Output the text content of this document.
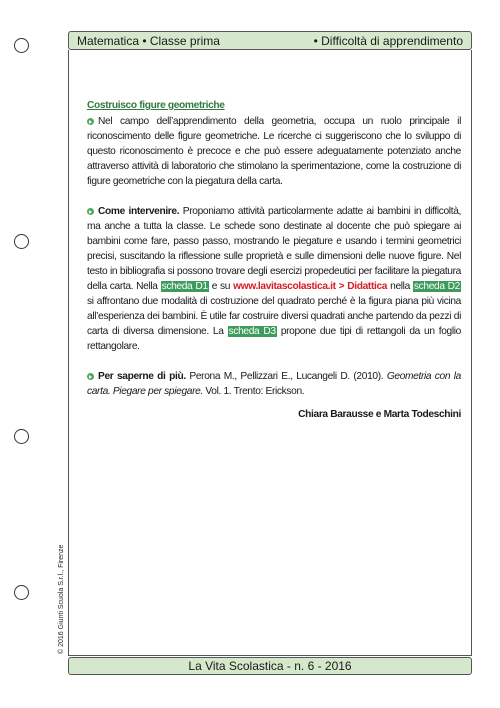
Matematica • Classe prima	• Difficoltà di apprendimento
Costruisco figure geometriche

Nel campo dell’apprendimento della geometria, occupa un ruolo principale il riconoscimento delle figure geometriche. Le ricerche ci suggeriscono che lo sviluppo di questo riconoscimento è precoce e che può essere adeguatamente potenziato anche attraverso attività di laboratorio che stimolano la sperimentazione, come la costruzione di figure geometriche con la piegatura della carta.

Come intervenire. Proponiamo attività particolarmente adatte ai bambini in difficoltà, ma anche a tutta la classe. Le schede sono destinate al docente che può spiegare ai bambini come fare, passo passo, mostrando le piegature e usando i termini geometrici precisi, suscitando la riflessione sulle proprietà e sulle dimensioni delle nuove figure. Nel testo in bibliografia si possono trovare degli esercizi propedeutici per facilitare la piegatura della carta. Nella scheda D1 e su www.lavitascolastica.it > Didattica nella scheda D2 si affrontano due modalità di costruzione del quadrato perché è la figura piana più vicina all’esperienza dei bambini. È utile far costruire diversi quadrati anche partendo da pezzi di carta di diversa dimensione. La scheda D3 propone due tipi di rettangoli da un foglio rettangolare.

Per saperne di più. Perona M., Pellizzari E., Lucangeli D. (2010). Geometria con la carta. Piegare per spiegare. Vol. 1. Trento: Erickson.

Chiara Barausse e Marta Todeschini
© 2016 Giunti Scuola S.r.l., Firenze
La Vita Scolastica - n. 6 - 2016
